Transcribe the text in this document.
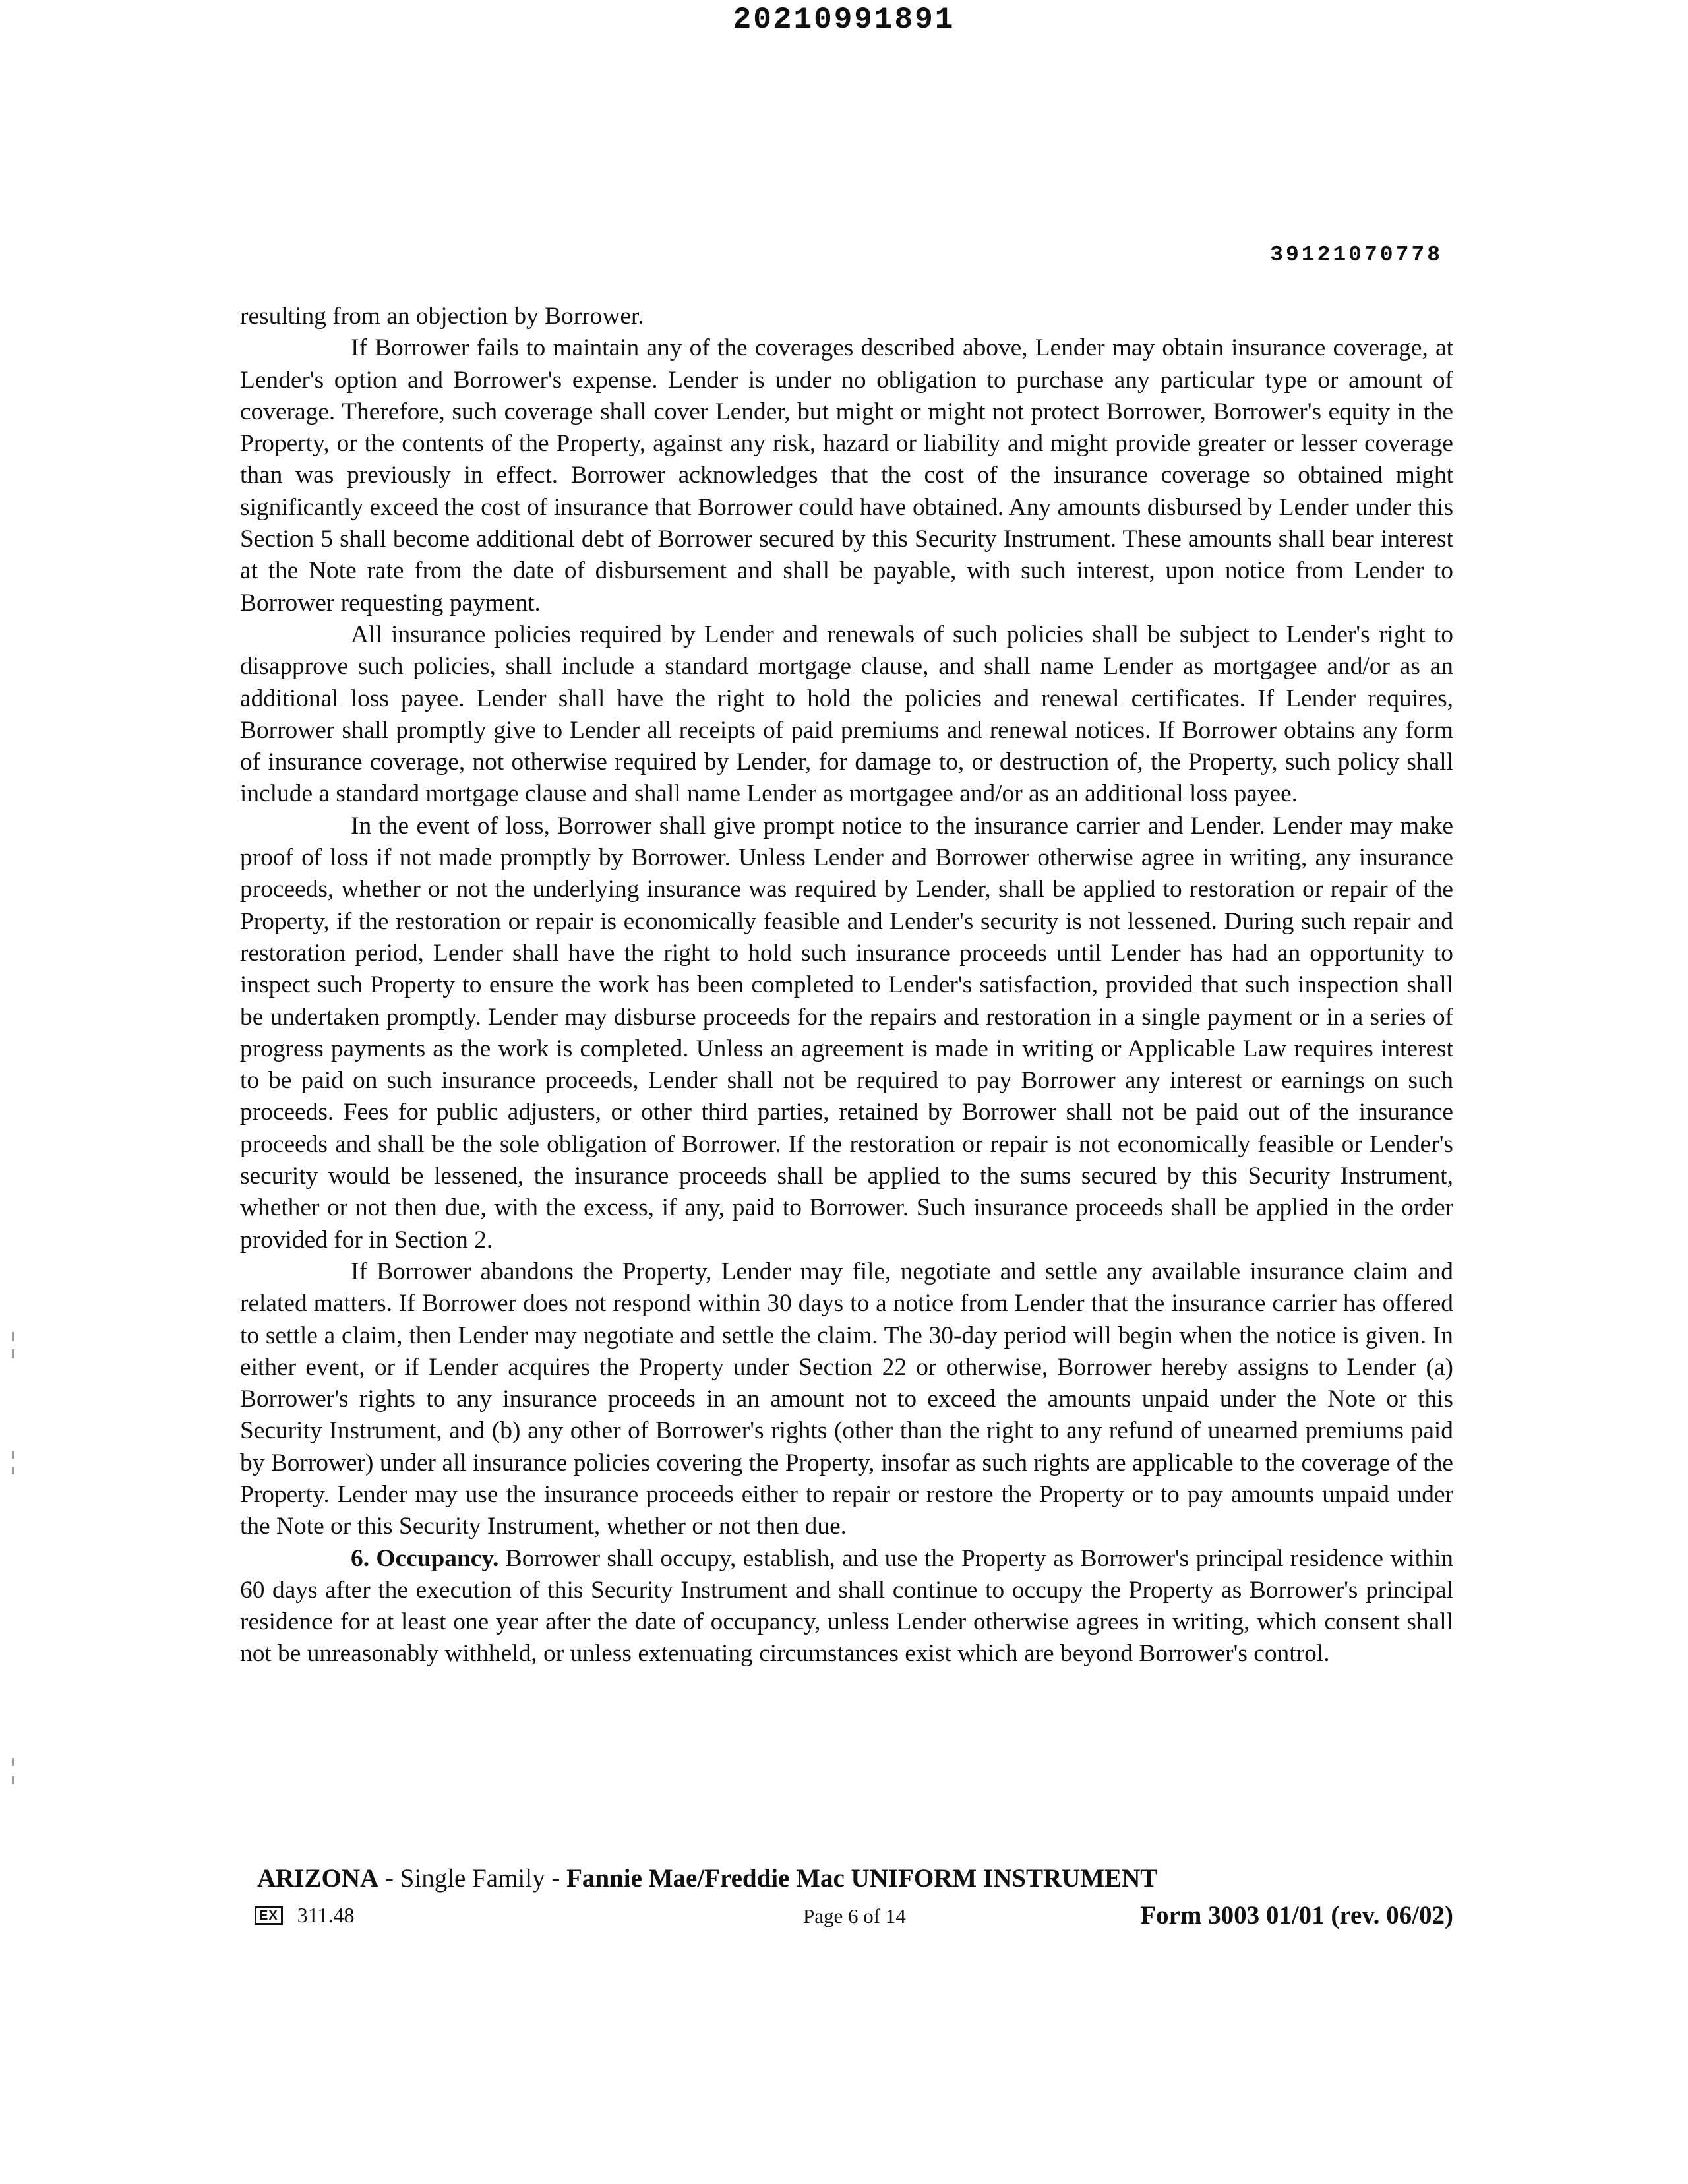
20210991891
39121070778

resulting from an objection by Borrower.

If Borrower fails to maintain any of the coverages described above, Lender may obtain insurance coverage, at Lender's option and Borrower's expense. Lender is under no obligation to purchase any particular type or amount of coverage. Therefore, such coverage shall cover Lender, but might or might not protect Borrower, Borrower's equity in the Property, or the contents of the Property, against any risk, hazard or liability and might provide greater or lesser coverage than was previously in effect. Borrower acknowledges that the cost of the insurance coverage so obtained might significantly exceed the cost of insurance that Borrower could have obtained. Any amounts disbursed by Lender under this Section 5 shall become additional debt of Borrower secured by this Security Instrument. These amounts shall bear interest at the Note rate from the date of disbursement and shall be payable, with such interest, upon notice from Lender to Borrower requesting payment.

All insurance policies required by Lender and renewals of such policies shall be subject to Lender's right to disapprove such policies, shall include a standard mortgage clause, and shall name Lender as mortgagee and/or as an additional loss payee. Lender shall have the right to hold the policies and renewal certificates. If Lender requires, Borrower shall promptly give to Lender all receipts of paid premiums and renewal notices. If Borrower obtains any form of insurance coverage, not otherwise required by Lender, for damage to, or destruction of, the Property, such policy shall include a standard mortgage clause and shall name Lender as mortgagee and/or as an additional loss payee.

In the event of loss, Borrower shall give prompt notice to the insurance carrier and Lender. Lender may make proof of loss if not made promptly by Borrower. Unless Lender and Borrower otherwise agree in writing, any insurance proceeds, whether or not the underlying insurance was required by Lender, shall be applied to restoration or repair of the Property, if the restoration or repair is economically feasible and Lender's security is not lessened. During such repair and restoration period, Lender shall have the right to hold such insurance proceeds until Lender has had an opportunity to inspect such Property to ensure the work has been completed to Lender's satisfaction, provided that such inspection shall be undertaken promptly. Lender may disburse proceeds for the repairs and restoration in a single payment or in a series of progress payments as the work is completed. Unless an agreement is made in writing or Applicable Law requires interest to be paid on such insurance proceeds, Lender shall not be required to pay Borrower any interest or earnings on such proceeds. Fees for public adjusters, or other third parties, retained by Borrower shall not be paid out of the insurance proceeds and shall be the sole obligation of Borrower. If the restoration or repair is not economically feasible or Lender's security would be lessened, the insurance proceeds shall be applied to the sums secured by this Security Instrument, whether or not then due, with the excess, if any, paid to Borrower. Such insurance proceeds shall be applied in the order provided for in Section 2.

If Borrower abandons the Property, Lender may file, negotiate and settle any available insurance claim and related matters. If Borrower does not respond within 30 days to a notice from Lender that the insurance carrier has offered to settle a claim, then Lender may negotiate and settle the claim. The 30-day period will begin when the notice is given. In either event, or if Lender acquires the Property under Section 22 or otherwise, Borrower hereby assigns to Lender (a) Borrower's rights to any insurance proceeds in an amount not to exceed the amounts unpaid under the Note or this Security Instrument, and (b) any other of Borrower's rights (other than the right to any refund of unearned premiums paid by Borrower) under all insurance policies covering the Property, insofar as such rights are applicable to the coverage of the Property. Lender may use the insurance proceeds either to repair or restore the Property or to pay amounts unpaid under the Note or this Security Instrument, whether or not then due.

6. Occupancy. Borrower shall occupy, establish, and use the Property as Borrower's principal residence within 60 days after the execution of this Security Instrument and shall continue to occupy the Property as Borrower's principal residence for at least one year after the date of occupancy, unless Lender otherwise agrees in writing, which consent shall not be unreasonably withheld, or unless extenuating circumstances exist which are beyond Borrower's control.

ARIZONA - Single Family - Fannie Mae/Freddie Mac UNIFORM INSTRUMENT
EX 311.48	Page 6 of 14	Form 3003 01/01 (rev. 06/02)
